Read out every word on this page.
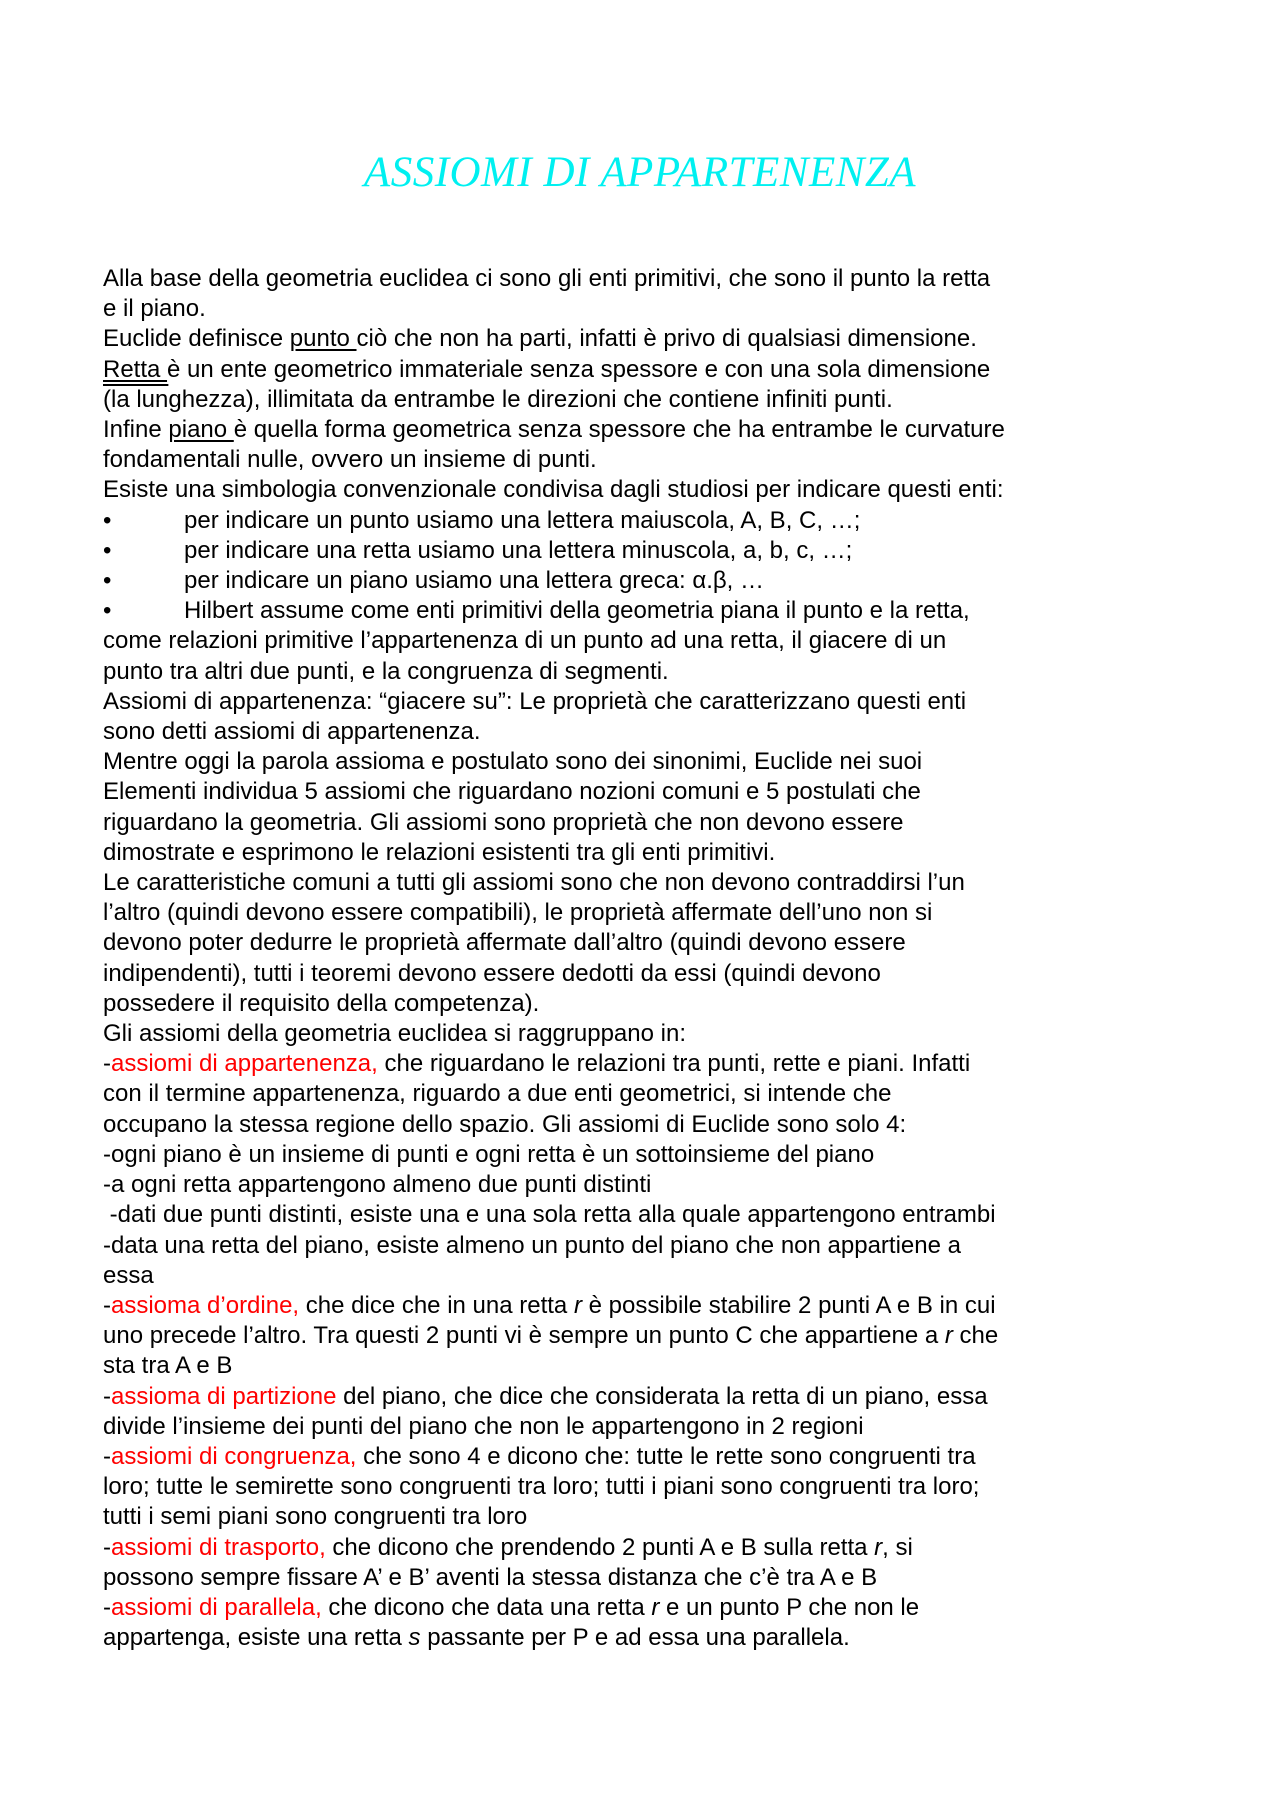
ASSIOMI DI APPARTENENZA
Alla base della geometria euclidea ci sono gli enti primitivi, che sono il punto la retta
e il piano.
Euclide definisce punto ciò che non ha parti, infatti è privo di qualsiasi dimensione.
Retta è un ente geometrico immateriale senza spessore e con una sola dimensione
(la lunghezza), illimitata da entrambe le direzioni che contiene infiniti punti.
Infine piano è quella forma geometrica senza spessore che ha entrambe le curvature
fondamentali nulle, ovvero un insieme di punti.
Esiste una simbologia convenzionale condivisa dagli studiosi per indicare questi enti:
•	per indicare un punto usiamo una lettera maiuscola, A, B, C, …;
•	per indicare una retta usiamo una lettera minuscola, a, b, c, …;
•	per indicare un piano usiamo una lettera greca: α.β, …
•	Hilbert assume come enti primitivi della geometria piana il punto e la retta,
come relazioni primitive l’appartenenza di un punto ad una retta, il giacere di un
punto tra altri due punti, e la congruenza di segmenti.
Assiomi di appartenenza: “giacere su”: Le proprietà che caratterizzano questi enti
sono detti assiomi di appartenenza.
Mentre oggi la parola assioma e postulato sono dei sinonimi, Euclide nei suoi
Elementi individua 5 assiomi che riguardano nozioni comuni e 5 postulati che
riguardano la geometria. Gli assiomi sono proprietà che non devono essere
dimostrate e esprimono le relazioni esistenti tra gli enti primitivi.
Le caratteristiche comuni a tutti gli assiomi sono che non devono contraddirsi l’un
l’altro (quindi devono essere compatibili), le proprietà affermate dell’uno non si
devono poter dedurre le proprietà affermate dall’altro (quindi devono essere
indipendenti), tutti i teoremi devono essere dedotti da essi (quindi devono
possedere il requisito della competenza).
Gli assiomi della geometria euclidea si raggruppano in:
-assiomi di appartenenza, che riguardano le relazioni tra punti, rette e piani. Infatti
con il termine appartenenza, riguardo a due enti geometrici, si intende che
occupano la stessa regione dello spazio. Gli assiomi di Euclide sono solo 4:
-ogni piano è un insieme di punti e ogni retta è un sottoinsieme del piano
-a ogni retta appartengono almeno due punti distinti
-dati due punti distinti, esiste una e una sola retta alla quale appartengono entrambi
-data una retta del piano, esiste almeno un punto del piano che non appartiene a
essa
-assioma d’ordine, che dice che in una retta r è possibile stabilire 2 punti A e B in cui
uno precede l’altro. Tra questi 2 punti vi è sempre un punto C che appartiene a r che
sta tra A e B
-assioma di partizione del piano, che dice che considerata la retta di un piano, essa
divide l’insieme dei punti del piano che non le appartengono in 2 regioni
-assiomi di congruenza, che sono 4 e dicono che: tutte le rette sono congruenti tra
loro; tutte le semirette sono congruenti tra loro; tutti i piani sono congruenti tra loro;
tutti i semi piani sono congruenti tra loro
-assiomi di trasporto, che dicono che prendendo 2 punti A e B sulla retta r, si
possono sempre fissare A’ e B’ aventi la stessa distanza che c’è tra A e B
-assiomi di parallela, che dicono che data una retta r e un punto P che non le
appartenga, esiste una retta s passante per P e ad essa una parallela.
